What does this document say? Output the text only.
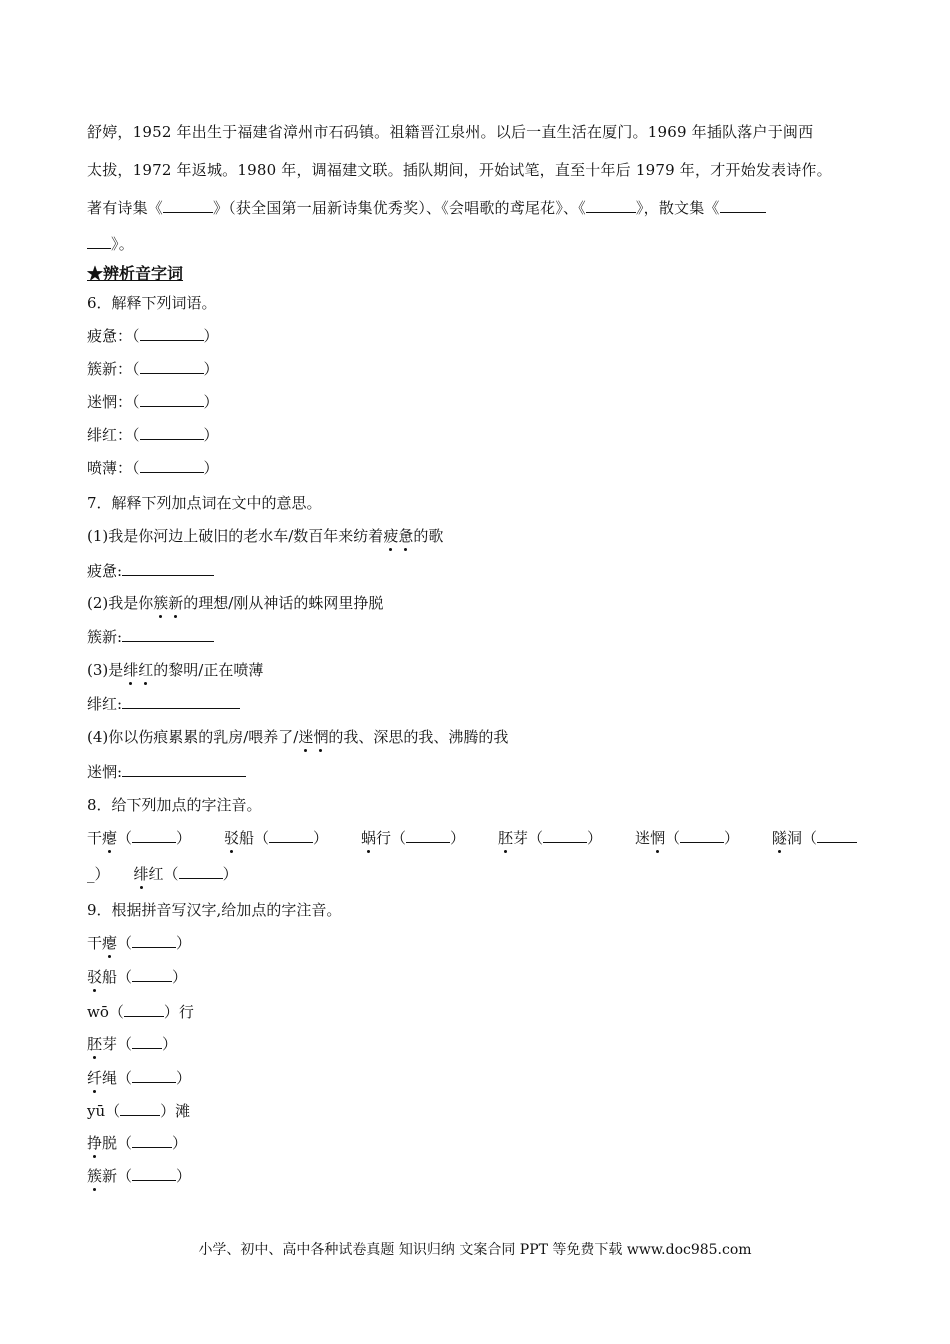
舒婷，1952 年出生于福建省漳州市石码镇。祖籍晋江泉州。以后一直生活在厦门。1969 年插队落户于闽西
太拔，1972 年返城。1980 年，调福建文联。插队期间，开始试笔，直至十年后 1979 年，才开始发表诗作。
著有诗集《	》（获全国第一届新诗集优秀奖）、《会唱歌的鸢尾花》、《	》，散文集《
》。
★辨析音字词
6．解释下列词语。
疲惫：（	）
簇新：（	）
迷惘：（	）
绯红：（	）
喷薄：（	）
7．解释下列加点词在文中的意思。
(1)我是你河边上破旧的老水车/数百年来纺着疲惫的歌
疲惫:
(2)我是你簇新的理想/刚从神话的蛛网里挣脱
簇新:
(3)是绯红的黎明/正在喷薄
绯红:
(4)你以伤痕累累的乳房/喂养了/迷惘的我、深思的我、沸腾的我
迷惘:
8．给下列加点的字注音。
干瘪（	） 驳船（	） 蜗行（	） 胚芽（	） 迷惘（	） 隧洞（
_） 绯红（	）
9．根据拼音写汉字,给加点的字注音。
干瘪（	）
驳船（	）
wō（	）行
胚芽（ ）
纤绳（	）
yū（	）滩
挣脱（	）
簇新（	）
小学、初中、高中各种试卷真题 知识归纳 文案合同 PPT 等免费下载 www.doc985.com
